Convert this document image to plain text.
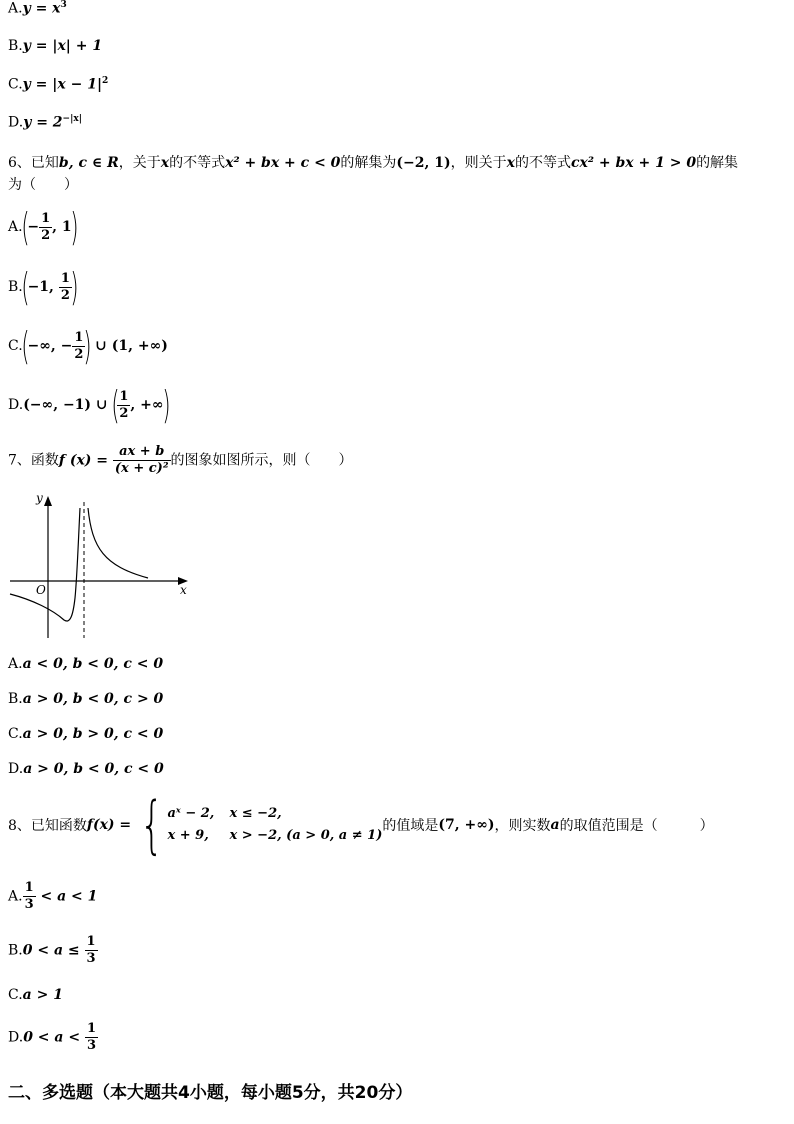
$A.y = x^3$
B.y = |x| + 1
$C.y = |x - 1|^2$
$D.y = 2^{-|x|}$
6、已知b, c ∈ R，关于x的不等式x² + bx + c < 0的解集为(−2, 1)，则关于x的不等式cx² + bx + 1 > 0的解集
为（　　）
$A.(- \frac{1}{2}$ , 1)
B.(−1, $\frac{1}{2}$
)
C.(−∞, − $\frac{1}{2}$
) ∪ (1, +∞)
D.(−∞, −1) ∪ (
$\frac{1}{2}$ , +∞)
7、函数f $(x) = \frac{ax + b}{\text{(x + c)²}}$ 的图象如图所示，则（　　）
y
x
O
A.a < 0, b < 0, c < 0
B.a > 0, b < 0, c > 0
C.a > 0, b > 0, c < 0
D.a > 0, b < 0, c < 0
8、已知函数f(x) = { aˣ − 2, x ≤ −2,
x + 9, x > −2, (a > 0, a ≠ 1)
的值域是(7, +∞)，则实数a的取值范围是（　　　）
A. $\frac{1}{3} < a < 1$
$B.0 < a \le \frac{1}{3}$
C.a > 1
$D.0 < a < \frac{1}{3}$
二、多选题（本大题共4小题，每小题5分，共20分）
